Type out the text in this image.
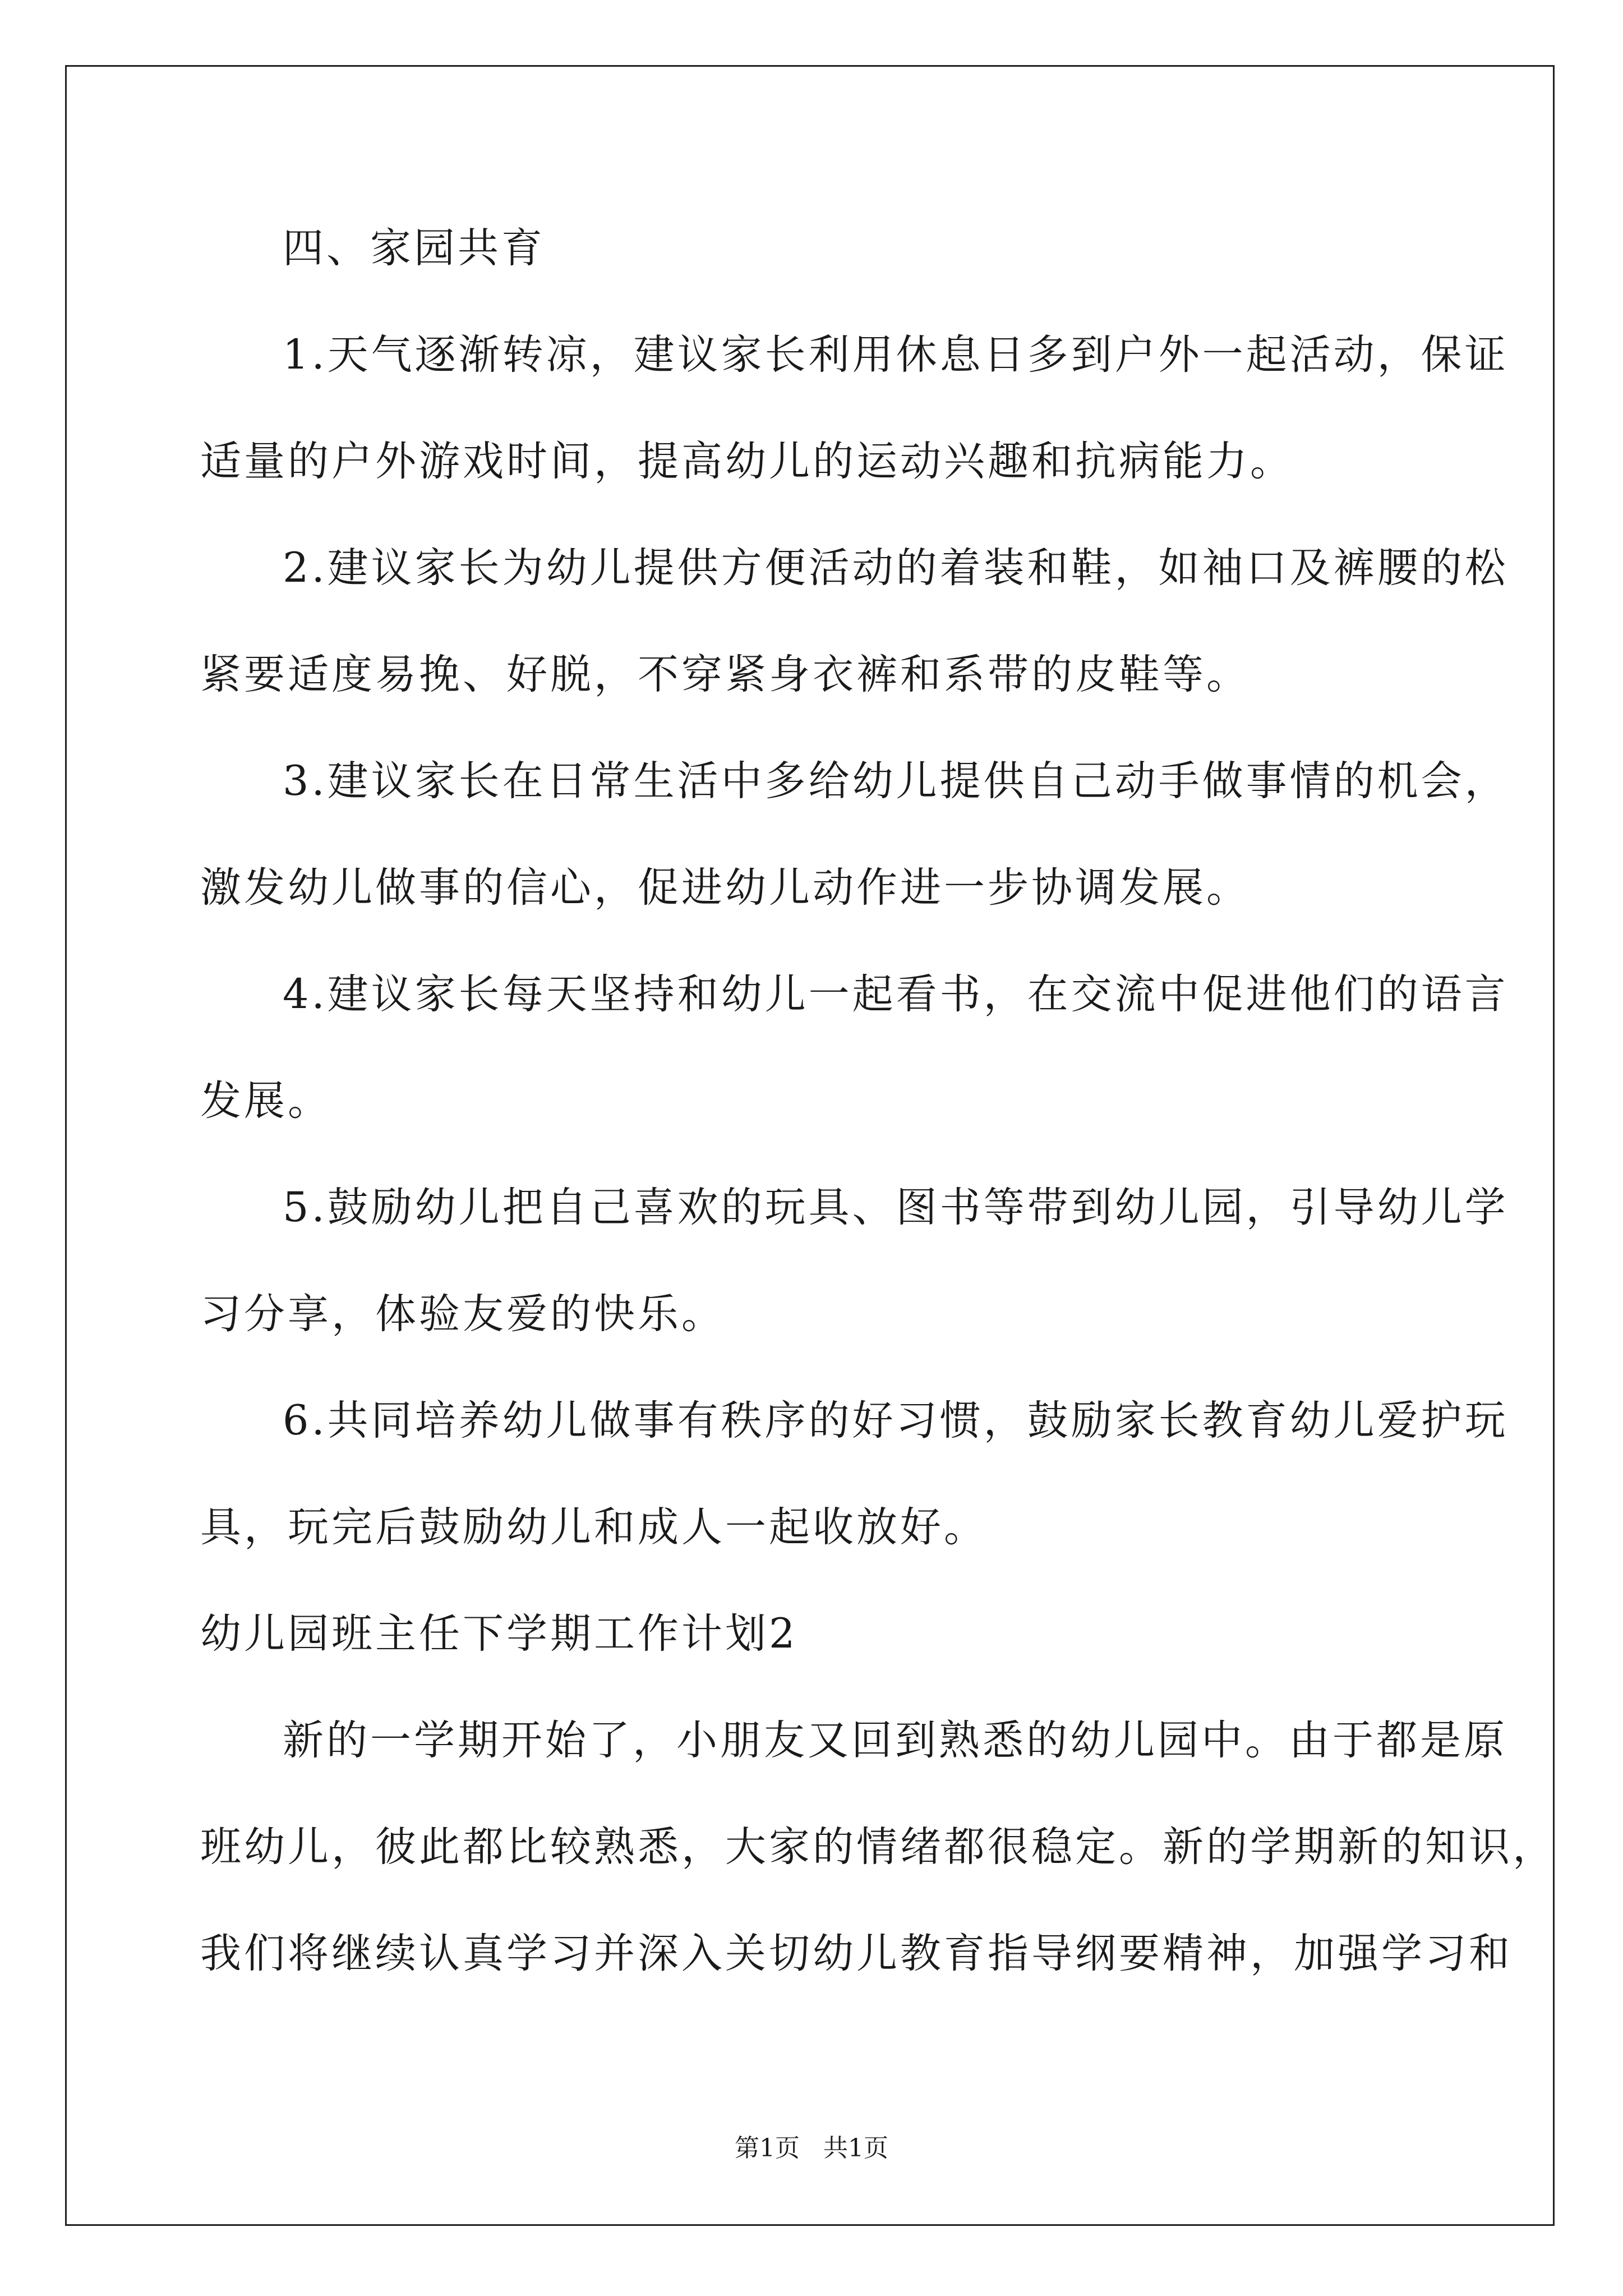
四、家园共育
1.天气逐渐转凉，建议家长利用休息日多到户外一起活动，保证
适量的户外游戏时间，提高幼儿的运动兴趣和抗病能力。
2.建议家长为幼儿提供方便活动的着装和鞋，如袖口及裤腰的松
紧要适度易挽、好脱，不穿紧身衣裤和系带的皮鞋等。
3.建议家长在日常生活中多给幼儿提供自己动手做事情的机会，
激发幼儿做事的信心，促进幼儿动作进一步协调发展。
4.建议家长每天坚持和幼儿一起看书，在交流中促进他们的语言
发展。
5.鼓励幼儿把自己喜欢的玩具、图书等带到幼儿园，引导幼儿学
习分享，体验友爱的快乐。
6.共同培养幼儿做事有秩序的好习惯，鼓励家长教育幼儿爱护玩
具，玩完后鼓励幼儿和成人一起收放好。
幼儿园班主任下学期工作计划2
新的一学期开始了，小朋友又回到熟悉的幼儿园中。由于都是原
班幼儿，彼此都比较熟悉，大家的情绪都很稳定。新的学期新的知识，
我们将继续认真学习并深入关切幼儿教育指导纲要精神，加强学习和
第1页 共1页
